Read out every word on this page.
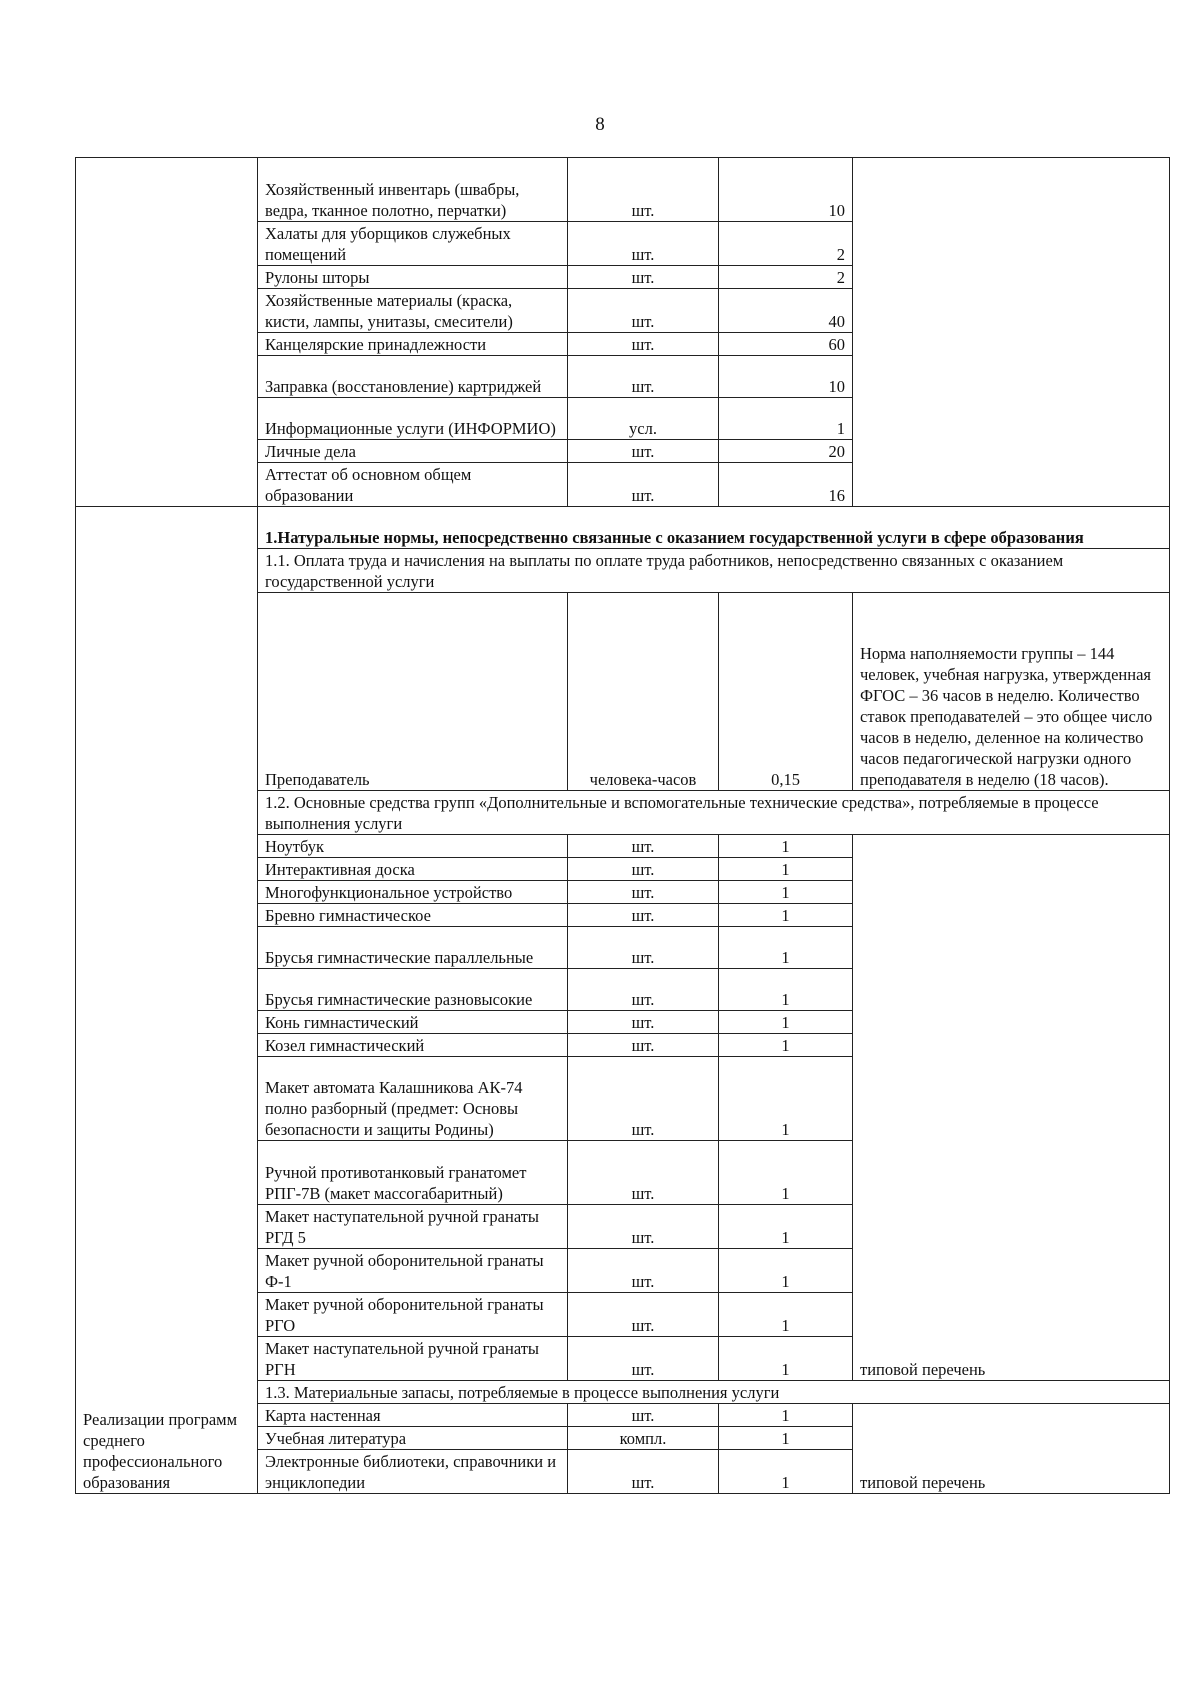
8
	Хозяйственный инвентарь (швабры, ведра, тканное полотно, перчатки)	шт.	10	
	Халаты для уборщиков служебных помещений	шт.	2	
	Рулоны шторы	шт.	2	
	Хозяйственные материалы (краска, кисти, лампы, унитазы, смесители)	шт.	40	
	Канцелярские принадлежности	шт.	60	
	Заправка (восстановление) картриджей	шт.	10	
	Информационные услуги (ИНФОРМИО)	усл.	1	
	Личные дела	шт.	20	
	Аттестат об основном общем образовании	шт.	16	
Реализации программ среднего профессионального образования	1.Натуральные нормы, непосредственно связанные с оказанием государственной услуги в сфере образования			
	1.1. Оплата труда и начисления на выплаты по оплате труда работников, непосредственно связанных с оказанием государственной услуги			
	Преподаватель	человека-часов	0,15	Норма наполняемости группы – 144 человек, учебная нагрузка, утвержденная ФГОС – 36 часов в неделю. Количество ставок преподавателей – это общее число часов в неделю, деленное на количество часов педагогической нагрузки одного преподавателя в неделю (18 часов).
	1.2. Основные средства групп «Дополнительные и вспомогательные технические средства», потребляемые в процессе выполнения услуги			
	Ноутбук	шт.	1	типовой перечень
	Интерактивная доска	шт.	1	
	Многофункциональное устройство	шт.	1	
	Бревно гимнастическое	шт.	1	
	Брусья гимнастические параллельные	шт.	1	
	Брусья гимнастические разновысокие	шт.	1	
	Конь гимнастический	шт.	1	
	Козел гимнастический	шт.	1	
	Макет автомата Калашникова АК-74 полно разборный (предмет: Основы безопасности и защиты Родины)	шт.	1	
	Ручной противотанковый гранатомет РПГ-7В (макет массогабаритный)	шт.	1	
	Макет наступательной ручной гранаты РГД 5	шт.	1	
	Макет ручной оборонительной гранаты Ф-1	шт.	1	
	Макет ручной оборонительной гранаты РГО	шт.	1	
	Макет наступательной ручной гранаты РГН	шт.	1	
	1.3. Материальные запасы, потребляемые в процессе выполнения услуги			
	Карта настенная	шт.	1	типовой перечень
	Учебная литература	компл.	1	
	Электронные библиотеки, справочники и энциклопедии	шт.	1	
